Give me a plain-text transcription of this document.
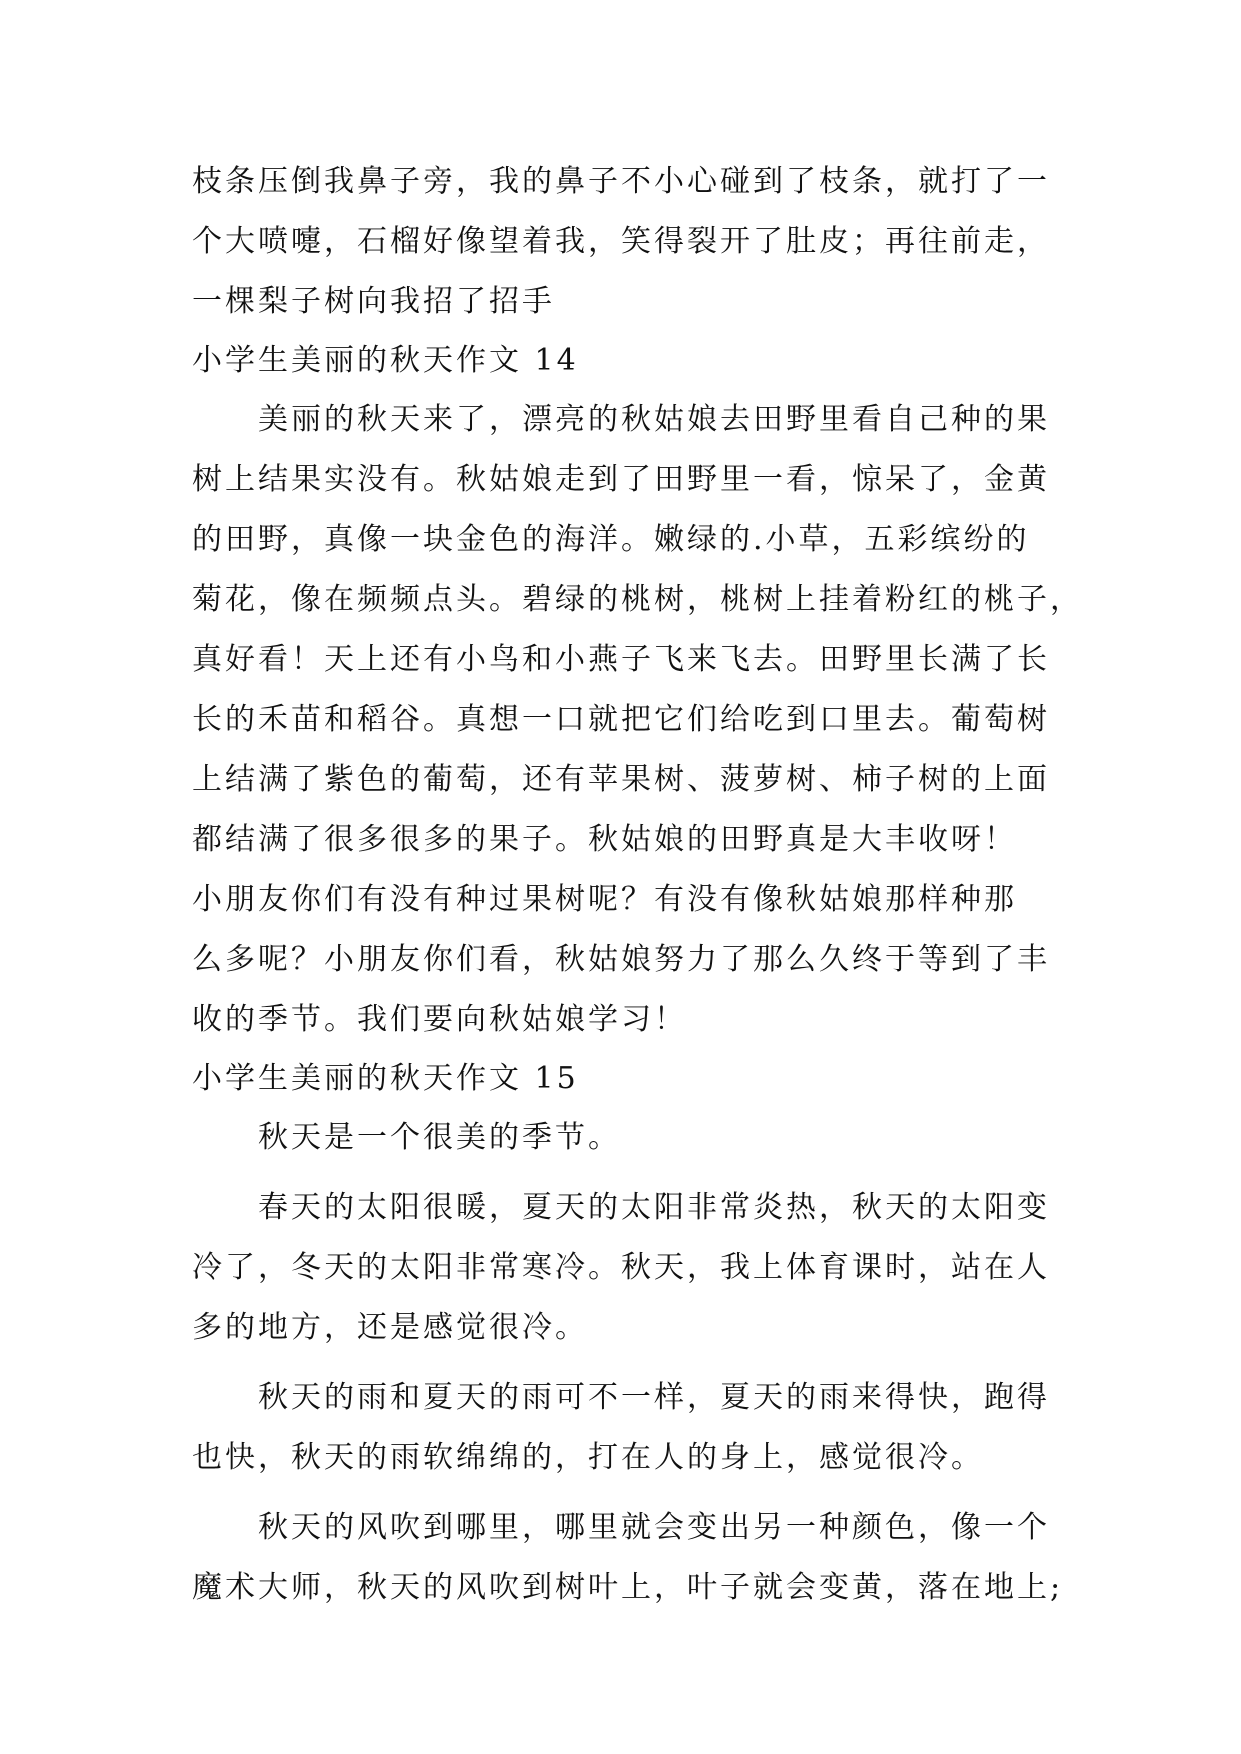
枝条压倒我鼻子旁，我的鼻子不小心碰到了枝条，就打了一
个大喷嚏，石榴好像望着我，笑得裂开了肚皮；再往前走，
一棵梨子树向我招了招手
小学生美丽的秋天作文 14
　　美丽的秋天来了，漂亮的秋姑娘去田野里看自己种的果
树上结果实没有。秋姑娘走到了田野里一看，惊呆了，金黄
的田野，真像一块金色的海洋。嫩绿的.小草，五彩缤纷的
菊花，像在频频点头。碧绿的桃树，桃树上挂着粉红的桃子，
真好看！天上还有小鸟和小燕子飞来飞去。田野里长满了长
长的禾苗和稻谷。真想一口就把它们给吃到口里去。葡萄树
上结满了紫色的葡萄，还有苹果树、菠萝树、柿子树的上面
都结满了很多很多的果子。秋姑娘的田野真是大丰收呀！
小朋友你们有没有种过果树呢？有没有像秋姑娘那样种那
么多呢？小朋友你们看，秋姑娘努力了那么久终于等到了丰
收的季节。我们要向秋姑娘学习！
小学生美丽的秋天作文 15
　　秋天是一个很美的季节。
　　春天的太阳很暖，夏天的太阳非常炎热，秋天的太阳变
冷了，冬天的太阳非常寒冷。秋天，我上体育课时，站在人
多的地方，还是感觉很冷。
　　秋天的雨和夏天的雨可不一样，夏天的雨来得快，跑得
也快，秋天的雨软绵绵的，打在人的身上，感觉很冷。
　　秋天的风吹到哪里，哪里就会变出另一种颜色，像一个
魔术大师，秋天的风吹到树叶上，叶子就会变黄，落在地上;
